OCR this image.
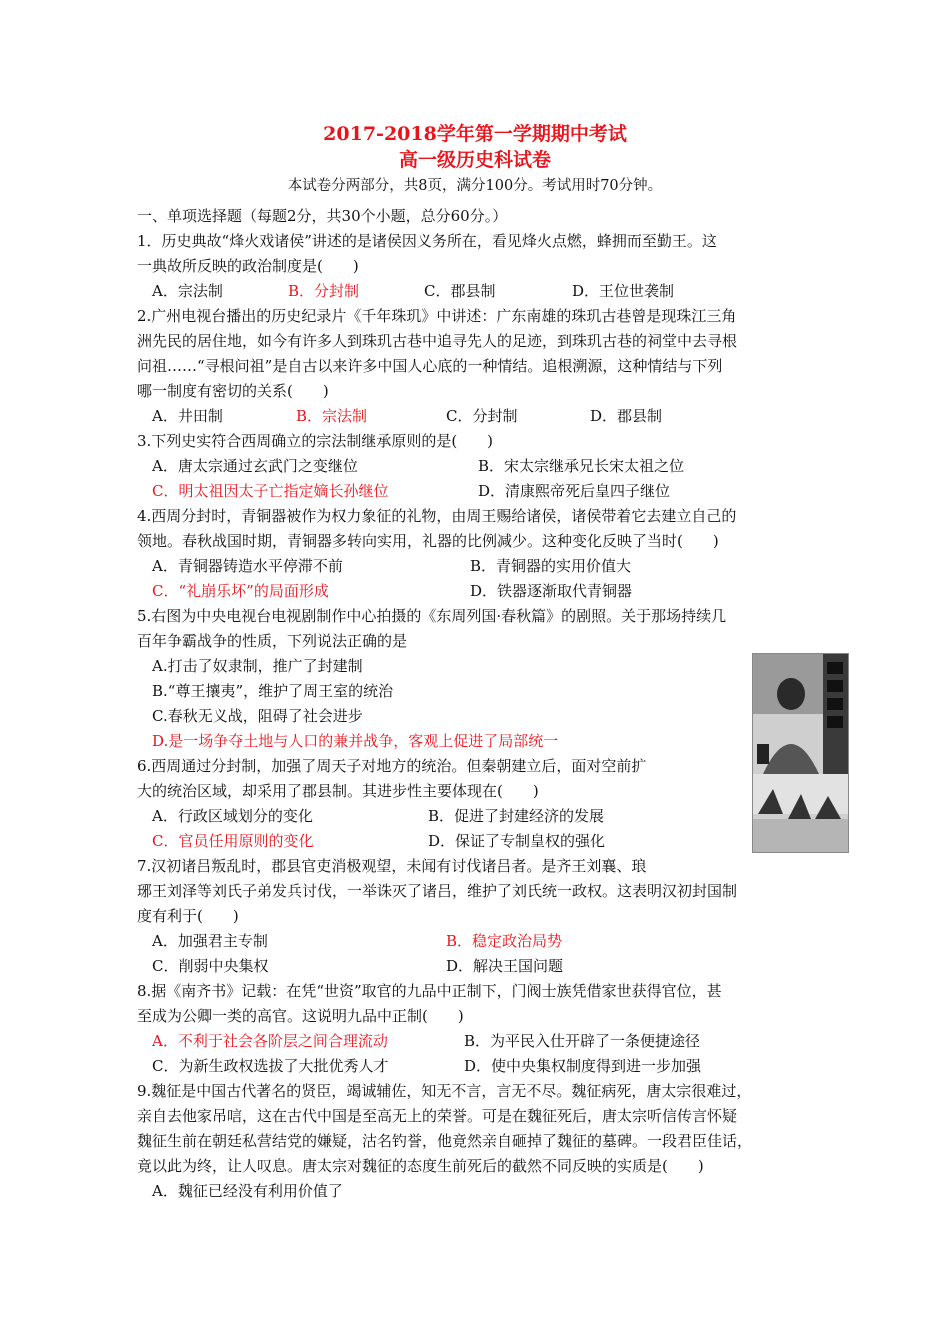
2017-2018学年第一学期期中考试
高一级历史科试卷
本试卷分两部分，共8页，满分100分。考试用时70分钟。
一、单项选择题（每题2分，共30个小题，总分60分。）
1．历史典故“烽火戏诸侯”讲述的是诸侯因义务所在，看见烽火点燃，蜂拥而至勤王。这
一典故所反映的政治制度是(　　)
A．宗法制	B．分封制	C．郡县制	D．王位世袭制
2.广州电视台播出的历史纪录片《千年珠玑》中讲述：广东南雄的珠玑古巷曾是现珠江三角
洲先民的居住地，如今有许多人到珠玑古巷中追寻先人的足迹，到珠玑古巷的祠堂中去寻根
问祖……“寻根问祖”是自古以来许多中国人心底的一种情结。追根溯源，这种情结与下列
哪一制度有密切的关系(　　)
A．井田制	B．宗法制	C．分封制	D．郡县制
3.下列史实符合西周确立的宗法制继承原则的是(　　)
A．唐太宗通过玄武门之变继位	B．宋太宗继承兄长宋太祖之位
C．明太祖因太子亡指定嫡长孙继位	D．清康熙帝死后皇四子继位
4.西周分封时，青铜器被作为权力象征的礼物，由周王赐给诸侯，诸侯带着它去建立自己的
领地。春秋战国时期，青铜器多转向实用，礼器的比例减少。这种变化反映了当时(　　)
A．青铜器铸造水平停滞不前	B．青铜器的实用价值大
C．“礼崩乐坏”的局面形成	D．铁器逐渐取代青铜器
5.右图为中央电视台电视剧制作中心拍摄的《东周列国·春秋篇》的剧照。关于那场持续几
百年争霸战争的性质，下列说法正确的是
A.打击了奴隶制，推广了封建制
B.“尊王攘夷”，维护了周王室的统治
C.春秋无义战，阻碍了社会进步
D.是一场争夺土地与人口的兼并战争，客观上促进了局部统一
6.西周通过分封制，加强了周天子对地方的统治。但秦朝建立后，面对空前扩
大的统治区域，却采用了郡县制。其进步性主要体现在(　　)
A．行政区域划分的变化	B．促进了封建经济的发展
C．官员任用原则的变化	D．保证了专制皇权的强化
7.汉初诸吕叛乱时，郡县官吏消极观望，未闻有讨伐诸吕者。是齐王刘襄、琅
琊王刘泽等刘氏子弟发兵讨伐，一举诛灭了诸吕，维护了刘氏统一政权。这表明汉初封国制
度有利于(　　)
A．加强君主专制	B．稳定政治局势
C．削弱中央集权	D．解决王国问题
8.据《南齐书》记载：在凭“世资”取官的九品中正制下，门阀士族凭借家世获得官位，甚
至成为公卿一类的高官。这说明九品中正制(　　)
A．不利于社会各阶层之间合理流动	B．为平民入仕开辟了一条便捷途径
C．为新生政权选拔了大批优秀人才	D．使中央集权制度得到进一步加强
9.魏征是中国古代著名的贤臣，竭诚辅佐，知无不言，言无不尽。魏征病死，唐太宗很难过，
亲自去他家吊唁，这在古代中国是至高无上的荣誉。可是在魏征死后，唐太宗听信传言怀疑
魏征生前在朝廷私营结党的嫌疑，沽名钓誉，他竟然亲自砸掉了魏征的墓碑。一段君臣佳话，
竟以此为终，让人叹息。唐太宗对魏征的态度生前死后的截然不同反映的实质是(　　)
A．魏征已经没有利用价值了
